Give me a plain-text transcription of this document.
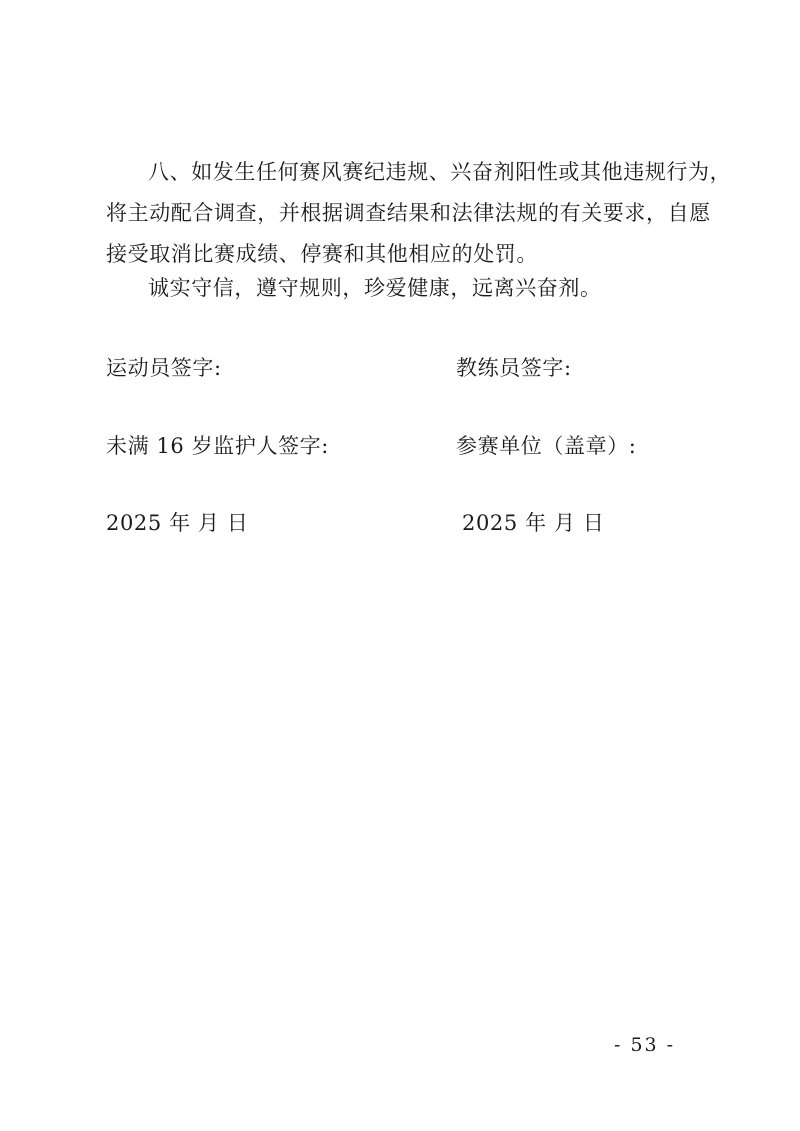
八、如发生任何赛风赛纪违规、兴奋剂阳性或其他违规行为，
将主动配合调查，并根据调查结果和法律法规的有关要求，自愿
接受取消比赛成绩、停赛和其他相应的处罚。
诚实守信，遵守规则，珍爱健康，远离兴奋剂。
运动员签字:	教练员签字:
未满 16 岁监护人签字:	参赛单位（盖章）:
2025 年 月 日	2025 年 月 日
- 53 -
